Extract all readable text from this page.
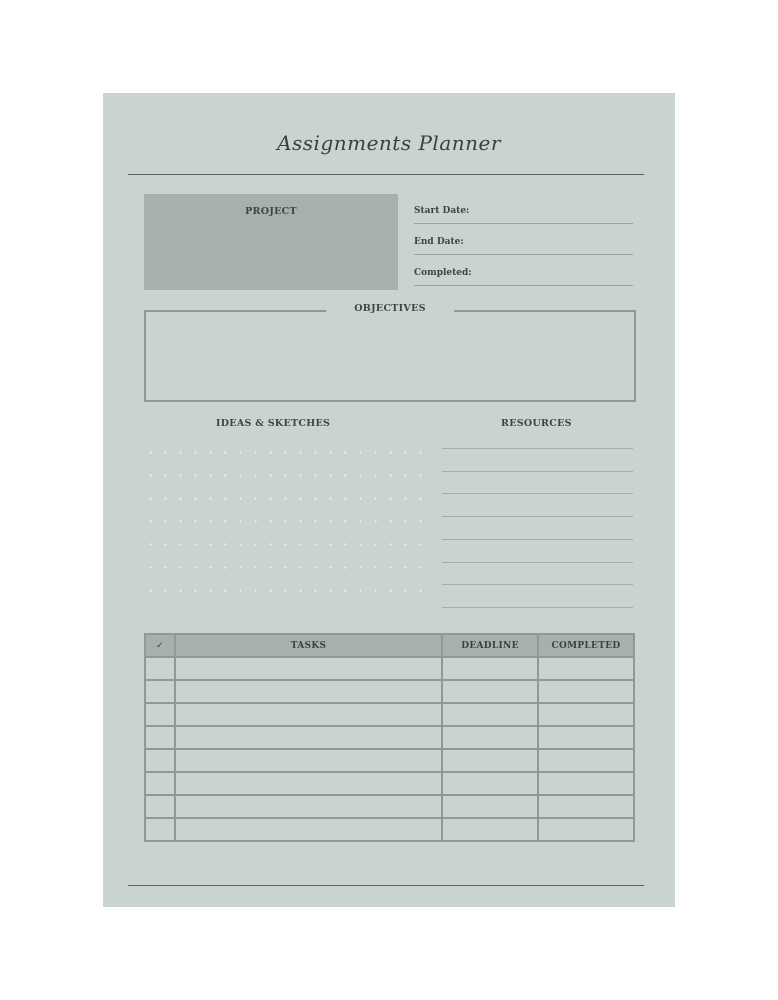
Assignments Planner
PROJECT	Start Date:
End Date:
Completed:
OBJECTIVES
IDEAS & SKETCHES	RESOURCES
✓	TASKS	DEADLINE	COMPLETED
